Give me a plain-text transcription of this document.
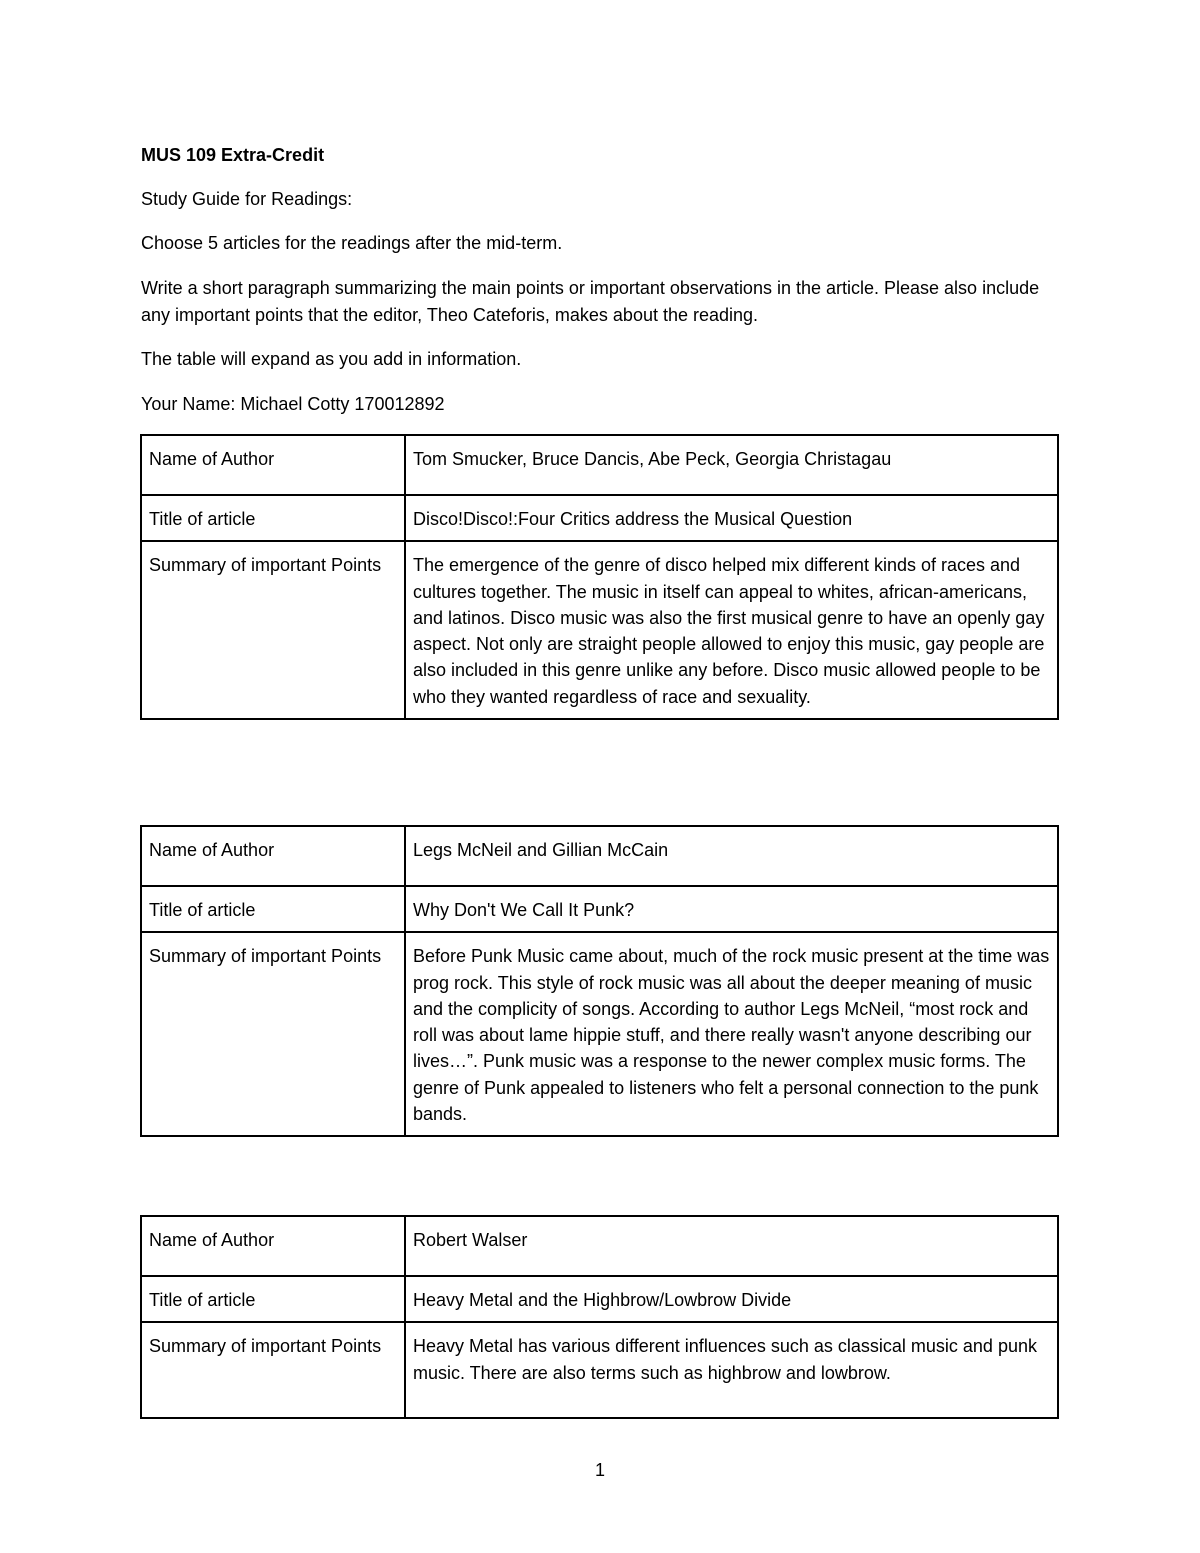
MUS 109 Extra-Credit
Study Guide for Readings:
Choose 5 articles for the readings after the mid-term.
Write a short paragraph summarizing the main points or important observations in the article. Please also include any important points that the editor, Theo Cateforis, makes about the reading.
The table will expand as you add in information.
Your Name: Michael Cotty 170012892
Name of Author	Tom Smucker, Bruce Dancis, Abe Peck, Georgia Christagau
Title of article	Disco!Disco!:Four Critics address the Musical Question
Summary of important Points	The emergence of the genre of disco helped mix different kinds of races and cultures together. The music in itself can appeal to whites, african-americans, and latinos. Disco music was also the first musical genre to have an openly gay aspect. Not only are straight people allowed to enjoy this music, gay people are also included in this genre unlike any before. Disco music allowed people to be who they wanted regardless of race and sexuality.
Name of Author	Legs McNeil and Gillian McCain
Title of article	Why Don't We Call It Punk?
Summary of important Points	Before Punk Music came about, much of the rock music present at the time was prog rock. This style of rock music was all about the deeper meaning of music and the complicity of songs. According to author Legs McNeil, “most rock and roll was about lame hippie stuff, and there really wasn't anyone describing our lives…”. Punk music was a response to the newer complex music forms. The genre of Punk appealed to listeners who felt a personal connection to the punk bands.
Name of Author	Robert Walser
Title of article	Heavy Metal and the Highbrow/Lowbrow Divide
Summary of important Points	Heavy Metal has various different influences such as classical music and punk music. There are also terms such as highbrow and lowbrow.
1
